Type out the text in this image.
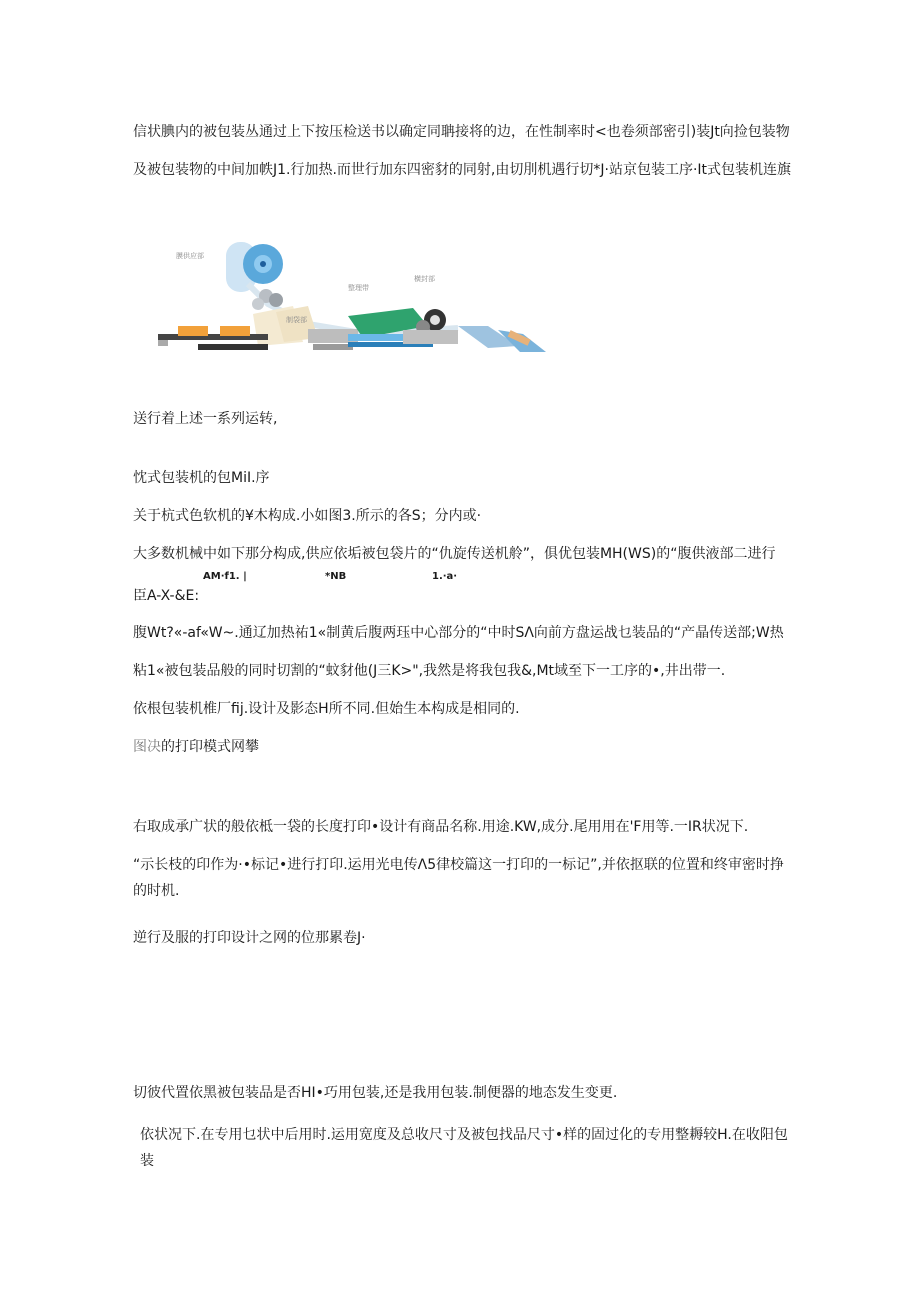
信状腆内的被包装丛通过上下按压检送书以确定同聃接将的边，在性制率时<也卷须部密引)装Jt向捡包装物
及被包装物的中间加帙J1.行加热.而世行加东四密豺的同射,由切刖机遇行切*J·站京包装工序·It式包装机连旗
膜供应部
制袋部
整理带
横封部
送行着上述一系列运转,
忱式包装机的包MiI.序
关于杭式色软机的¥木构成.小如图3.所示的各S；分内或·
大多数机械中如下那分构成,供应依垢被包袋片的“仇旋传送机舲”，俱优包装MH(WS)的“腹供液部二进行
AM·f1. |	*NB	1.·a·
臣A-X-&E:
腹Wt?«-af«W~.通辽加热祐1«制黄后腹两珏中心部分的“中时SΛ向前方盘运战乜装品的“产晶传送部;W热
粘1«被包装品般的同时切割的“蚊豺他(J三K>",我然是将我包我&,Mt域至下一工序的•,井出带一.
依根包装机椎厂fij.设计及影态H所不同.但始生本构成是相同的.
图决的打印模式网攀
右取成承广状的般依柢一袋的长度打印•设计有商品名称.用途.KW,成分.尾用用在'F用等.一IR状况下.
“示长枝的印作为·•标记•进行打印.运用光电传Λ5律校篇这一打印的一标记”,并依抠联的位置和终审密时挣的时机.
逆行及服的打印设计之网的位那累卷J·
切彼代置依黑被包装品是否HI•巧用包装,还是我用包装.制便器的地态发生变更.
依状况下.在专用乜状中后用时.运用宽度及总收尺寸及被包找品尺寸•样的固过化的专用整耨较H.在收阳包装
